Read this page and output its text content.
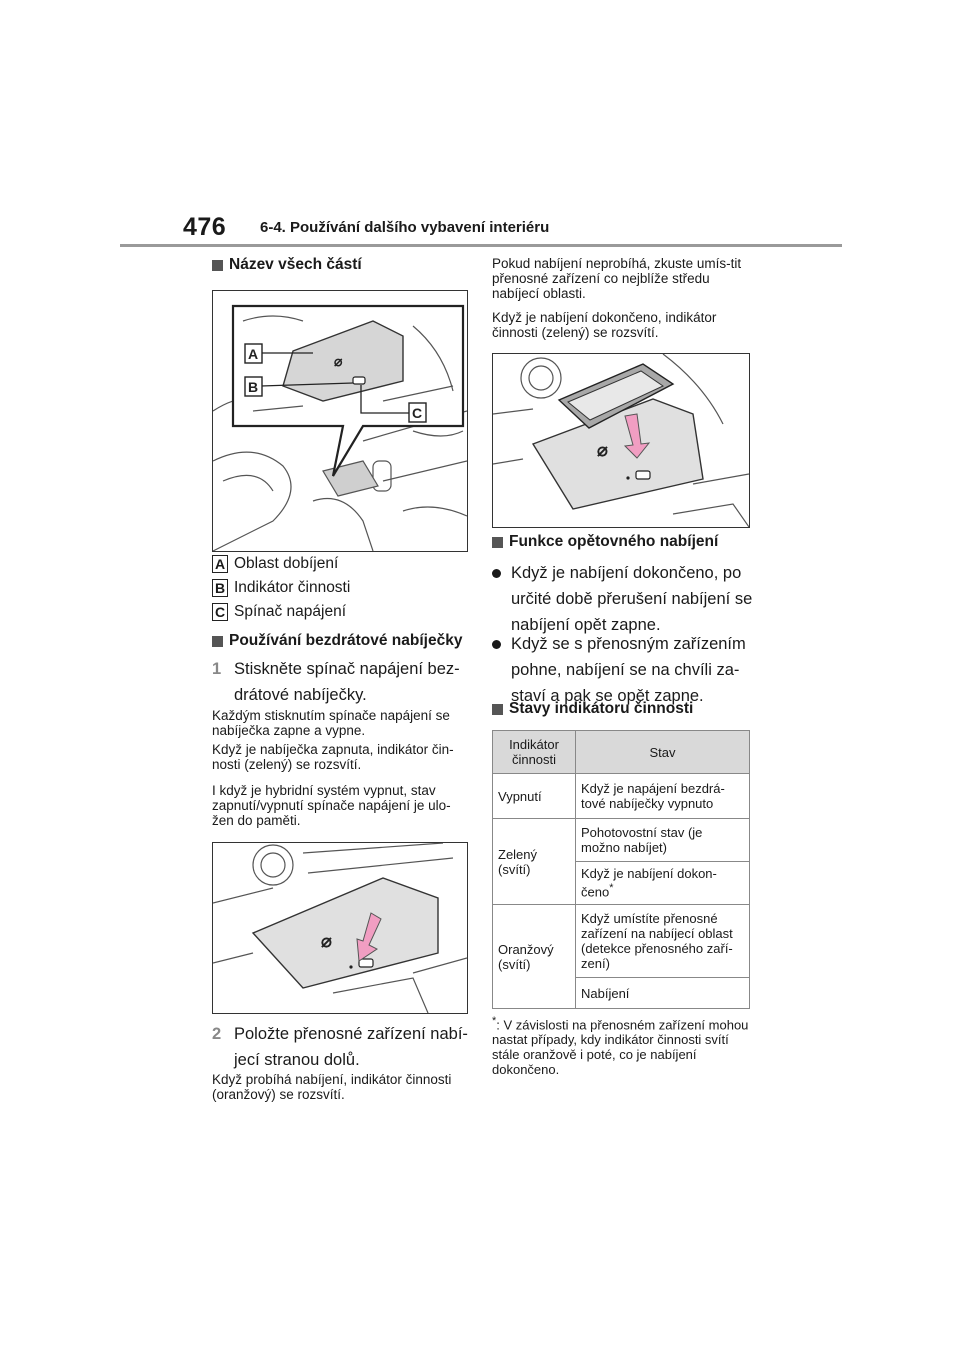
476 6-4. Používání dalšího vybavení interiéru
Název všech částí
⌀
A
B
C
A Oblast dobíjení
B Indikátor činnosti
C Spínač napájení
Používání bezdrátové nabíječky
1 Stiskněte spínač napájení bez-
drátové nabíječky.
Každým stisknutím spínače napájení se nabíječka zapne a vypne.
Když je nabíječka zapnuta, indikátor čin-nosti (zelený) se rozsvítí.
I když je hybridní systém vypnut, stav zapnutí/vypnutí spínače napájení je ulo-žen do paměti.
⌀
2 Položte přenosné zařízení nabí-
jecí stranou dolů.
Když probíhá nabíjení, indikátor činnosti (oranžový) se rozsvítí.
Pokud nabíjení neprobíhá, zkuste umís-tit přenosné zařízení co nejblíže středu nabíjecí oblasti.
Když je nabíjení dokončeno, indikátor činnosti (zelený) se rozsvítí.
⌀
Funkce opětovného nabíjení
Když je nabíjení dokončeno, po
určité době přerušení nabíjení se
nabíjení opět zapne.
Když se s přenosným zařízením
pohne, nabíjení se na chvíli za-
staví a pak se opět zapne.
Stavy indikátoru činnosti
Indikátor činnosti	Stav
Vypnutí	Když je napájení bezdrá-tové nabíječky vypnuto
Zelený (svítí)	Pohotovostní stav (je možno nabíjet)
	Když je nabíjení dokon-čeno*
Oranžový (svítí)	Když umístíte přenosné zařízení na nabíjecí oblast (detekce přenosného zaří-zení)
	Nabíjení
*: V závislosti na přenosném zařízení mohou nastat případy, kdy indikátor činnosti svítí stále oranžově i poté, co je nabíjení dokončeno.
